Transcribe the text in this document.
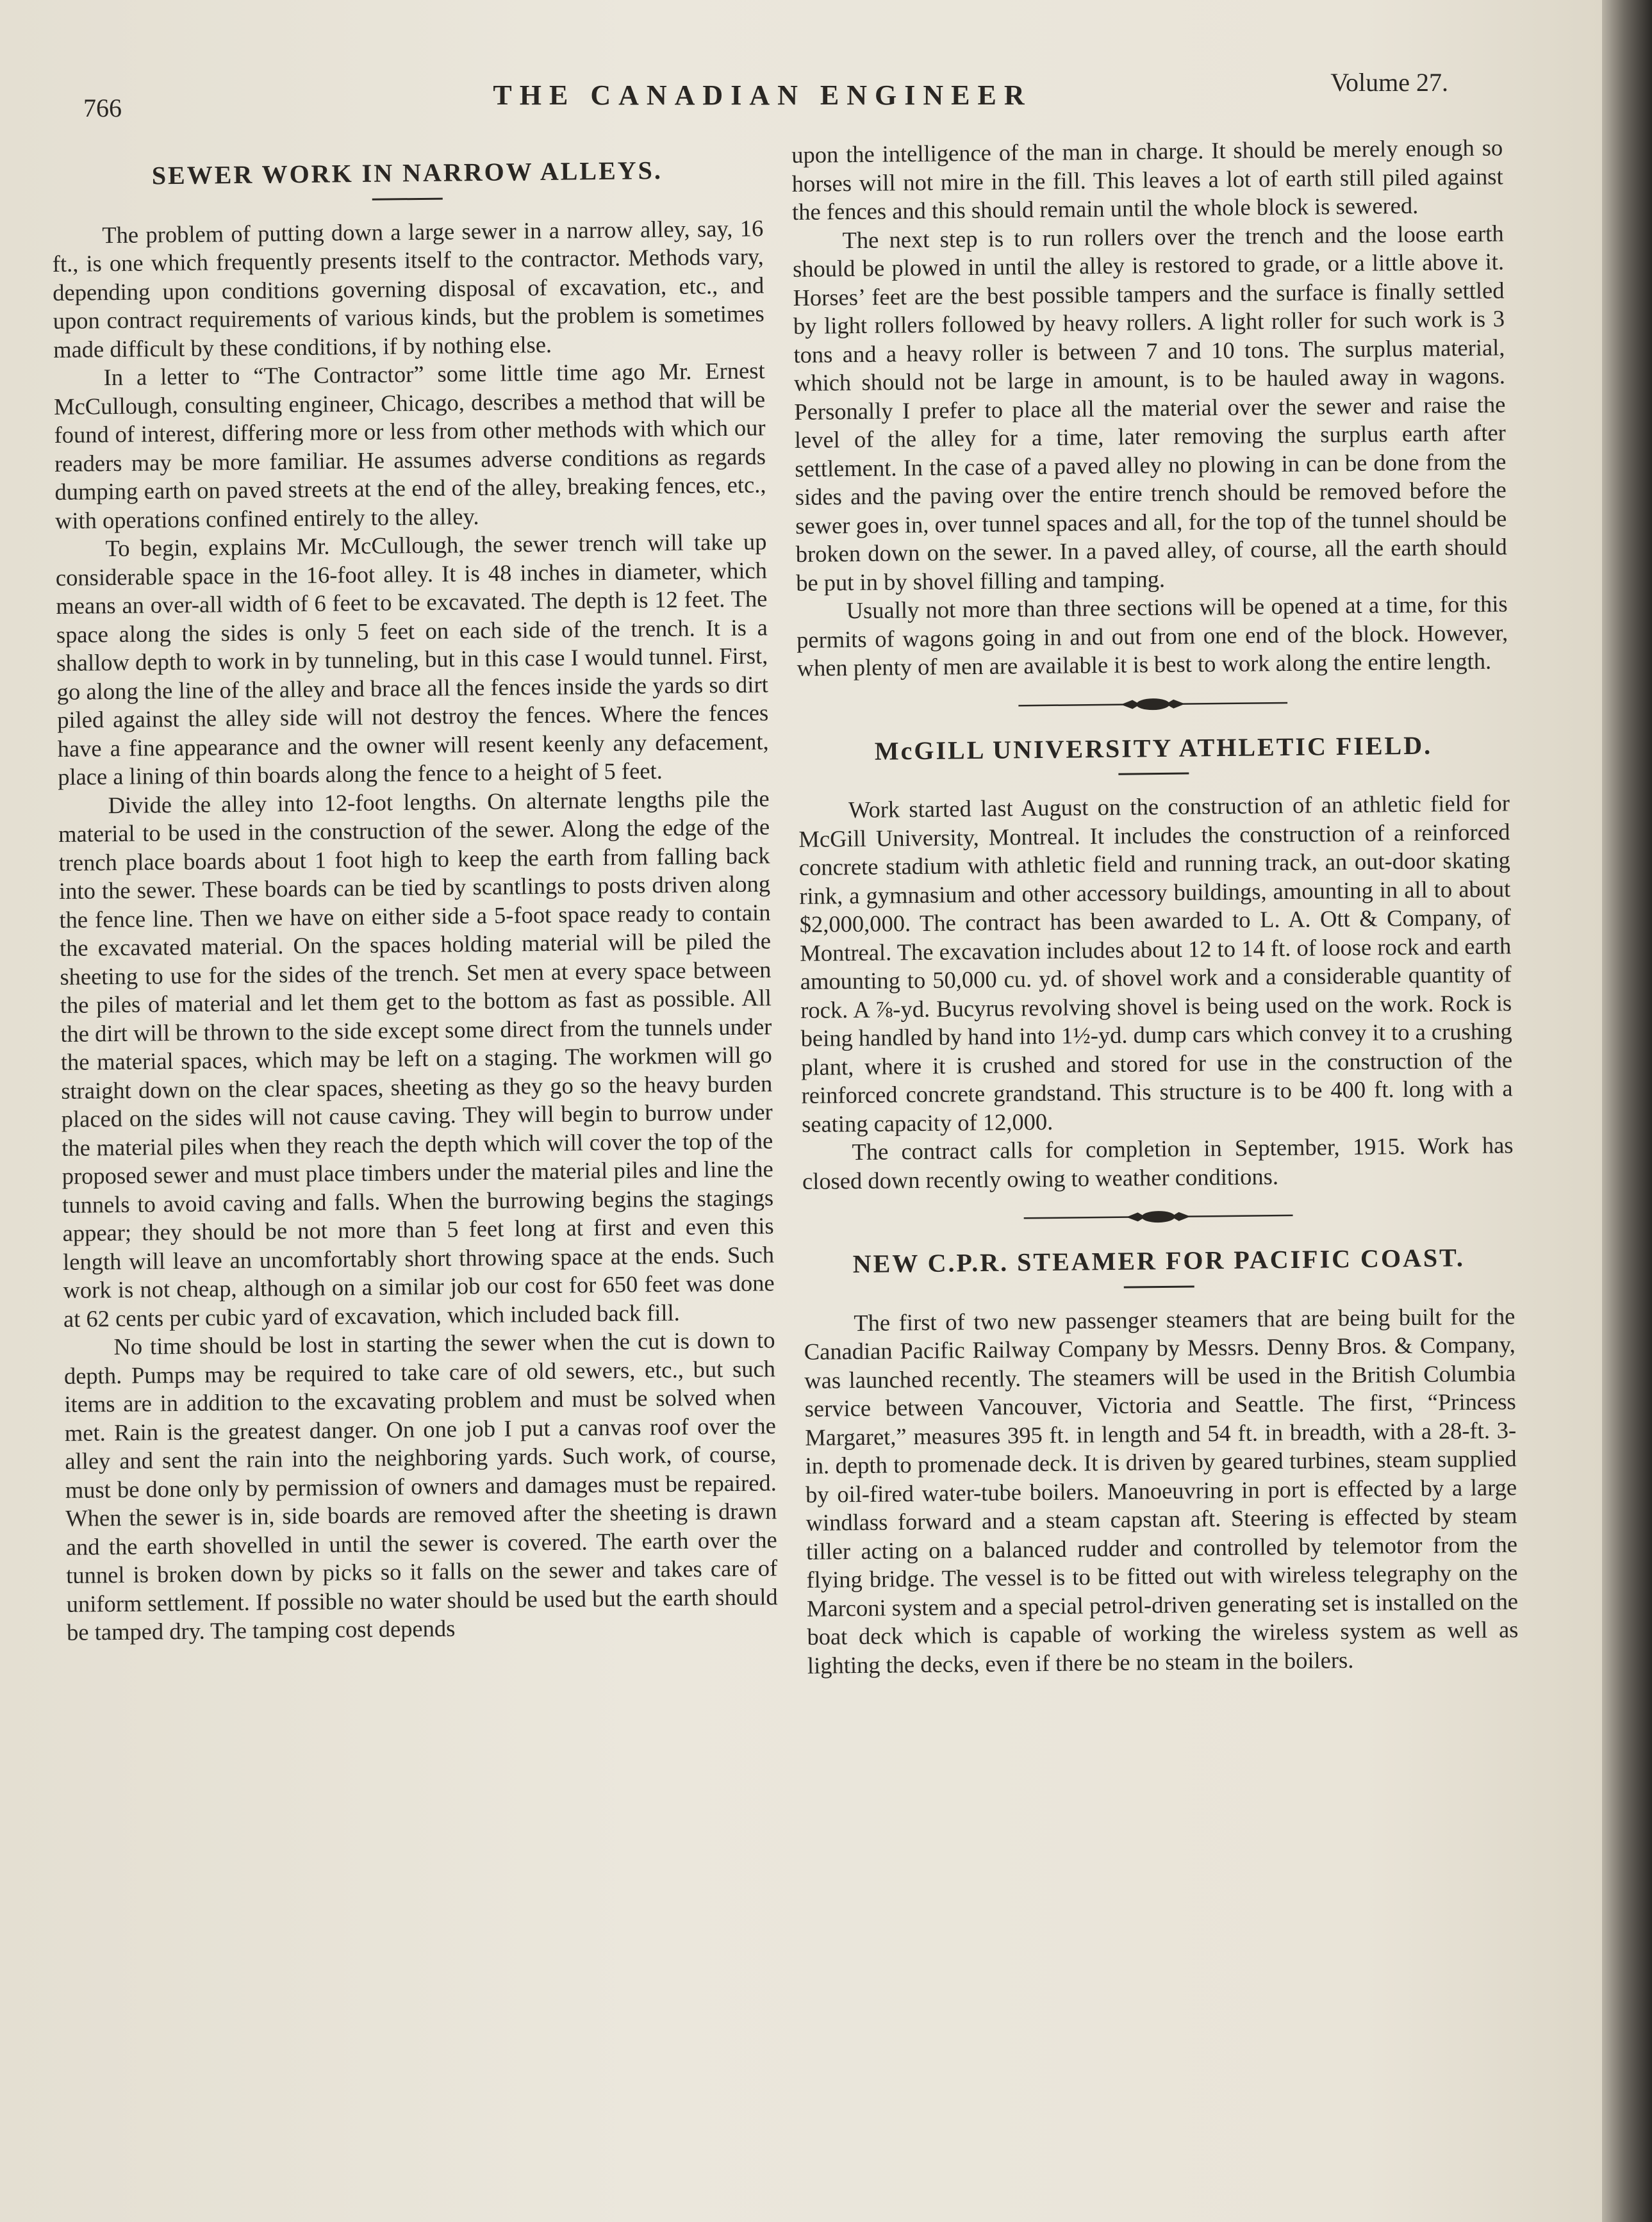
766	THE CANADIAN ENGINEER	Volume 27.
SEWER WORK IN NARROW ALLEYS.

The problem of putting down a large sewer in a narrow alley, say, 16 ft., is one which frequently presents itself to the contractor. Methods vary, depending upon conditions governing disposal of excavation, etc., and upon contract requirements of various kinds, but the problem is sometimes made difficult by these conditions, if by nothing else.

In a letter to “The Contractor” some little time ago Mr. Ernest McCullough, consulting engineer, Chicago, describes a method that will be found of interest, differing more or less from other methods with which our readers may be more familiar. He assumes adverse conditions as regards dumping earth on paved streets at the end of the alley, breaking fences, etc., with operations confined entirely to the alley.

To begin, explains Mr. McCullough, the sewer trench will take up considerable space in the 16-foot alley. It is 48 inches in diameter, which means an over-all width of 6 feet to be excavated. The depth is 12 feet. The space along the sides is only 5 feet on each side of the trench. It is a shallow depth to work in by tunneling, but in this case I would tunnel. First, go along the line of the alley and brace all the fences inside the yards so dirt piled against the alley side will not destroy the fences. Where the fences have a fine appearance and the owner will resent keenly any defacement, place a lining of thin boards along the fence to a height of 5 feet.

Divide the alley into 12-foot lengths. On alternate lengths pile the material to be used in the construction of the sewer. Along the edge of the trench place boards about 1 foot high to keep the earth from falling back into the sewer. These boards can be tied by scantlings to posts driven along the fence line. Then we have on either side a 5-foot space ready to contain the excavated material. On the spaces holding material will be piled the sheeting to use for the sides of the trench. Set men at every space between the piles of material and let them get to the bottom as fast as possible. All the dirt will be thrown to the side except some direct from the tunnels under the material spaces, which may be left on a staging. The workmen will go straight down on the clear spaces, sheeting as they go so the heavy burden placed on the sides will not cause caving. They will begin to burrow under the material piles when they reach the depth which will cover the top of the proposed sewer and must place timbers under the material piles and line the tunnels to avoid caving and falls. When the burrowing begins the stagings appear; they should be not more than 5 feet long at first and even this length will leave an uncomfortably short throwing space at the ends. Such work is not cheap, although on a similar job our cost for 650 feet was done at 62 cents per cubic yard of excavation, which included back fill.

No time should be lost in starting the sewer when the cut is down to depth. Pumps may be required to take care of old sewers, etc., but such items are in addition to the excavating problem and must be solved when met. Rain is the greatest danger. On one job I put a canvas roof over the alley and sent the rain into the neighboring yards. Such work, of course, must be done only by permission of owners and damages must be repaired. When the sewer is in, side boards are removed after the sheeting is drawn and the earth shovelled in until the sewer is covered. The earth over the tunnel is broken down by picks so it falls on the sewer and takes care of uniform settlement. If possible no water should be used but the earth should be tamped dry. The tamping cost depends

upon the intelligence of the man in charge. It should be merely enough so horses will not mire in the fill. This leaves a lot of earth still piled against the fences and this should remain until the whole block is sewered.

The next step is to run rollers over the trench and the loose earth should be plowed in until the alley is restored to grade, or a little above it. Horses’ feet are the best possible tampers and the surface is finally settled by light rollers followed by heavy rollers. A light roller for such work is 3 tons and a heavy roller is between 7 and 10 tons. The surplus material, which should not be large in amount, is to be hauled away in wagons. Personally I prefer to place all the material over the sewer and raise the level of the alley for a time, later removing the surplus earth after settlement. In the case of a paved alley no plowing in can be done from the sides and the paving over the entire trench should be removed before the sewer goes in, over tunnel spaces and all, for the top of the tunnel should be broken down on the sewer. In a paved alley, of course, all the earth should be put in by shovel filling and tamping.

Usually not more than three sections will be opened at a time, for this permits of wagons going in and out from one end of the block. However, when plenty of men are available it is best to work along the entire length.

McGILL UNIVERSITY ATHLETIC FIELD.

Work started last August on the construction of an athletic field for McGill University, Montreal. It includes the construction of a reinforced concrete stadium with athletic field and running track, an out-door skating rink, a gymnasium and other accessory buildings, amounting in all to about $2,000,000. The contract has been awarded to L. A. Ott & Company, of Montreal. The excavation includes about 12 to 14 ft. of loose rock and earth amounting to 50,000 cu. yd. of shovel work and a considerable quantity of rock. A ⅞-yd. Bucyrus revolving shovel is being used on the work. Rock is being handled by hand into 1½-yd. dump cars which convey it to a crushing plant, where it is crushed and stored for use in the construction of the reinforced concrete grandstand. This structure is to be 400 ft. long with a seating capacity of 12,000.

The contract calls for completion in September, 1915. Work has closed down recently owing to weather conditions.

NEW C.P.R. STEAMER FOR PACIFIC COAST.

The first of two new passenger steamers that are being built for the Canadian Pacific Railway Company by Messrs. Denny Bros. & Company, was launched recently. The steamers will be used in the British Columbia service between Vancouver, Victoria and Seattle. The first, “Princess Margaret,” measures 395 ft. in length and 54 ft. in breadth, with a 28-ft. 3-in. depth to promenade deck. It is driven by geared turbines, steam supplied by oil-fired water-tube boilers. Manoeuvring in port is effected by a large windlass forward and a steam capstan aft. Steering is effected by steam tiller acting on a balanced rudder and controlled by telemotor from the flying bridge. The vessel is to be fitted out with wireless telegraphy on the Marconi system and a special petrol-driven generating set is installed on the boat deck which is capable of working the wireless system as well as lighting the decks, even if there be no steam in the boilers.
